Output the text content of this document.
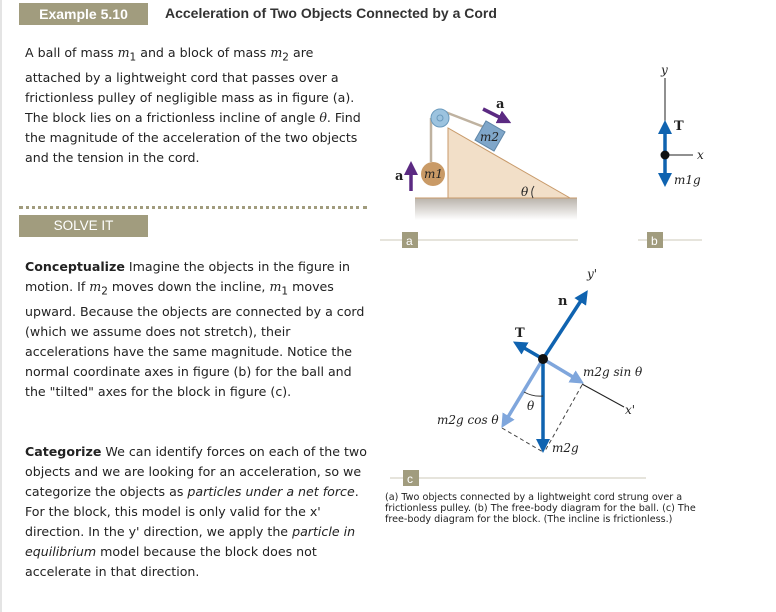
Example 5.10	Acceleration of Two Objects Connected by a Cord
A ball of mass $m_1$ and a block of mass $m_2$ are attached by a lightweight cord that passes over a frictionless pulley of negligible mass as in figure (a). The block lies on a frictionless incline of angle θ. Find the magnitude of the acceleration of the two objects and the tension in the cord.
SOLVE IT
Conceptualize Imagine the objects in the figure in motion. If $m_2$ moves down the incline, $m_1$ moves upward. Because the objects are connected by a cord (which we assume does not stretch), their accelerations have the same magnitude. Notice the normal coordinate axes in figure (b) for the ball and the "tilted" axes for the block in figure (c).
Categorize We can identify forces on each of the two objects and we are looking for an acceleration, so we categorize the objects as particles under a net force. For the block, this model is only valid for the x' direction. In the y' direction, we apply the particle in equilibrium model because the block does not accelerate in that direction.
m2
m1
a
a
θ
a
y
x
T
m1g
b
n
y'
T
m2g sin θ
x'
θ
m2g cos θ
m2g
c
(a) Two objects connected by a lightweight cord strung over a frictionless pulley. (b) The free-body diagram for the ball. (c) The free-body diagram for the block. (The incline is frictionless.)
